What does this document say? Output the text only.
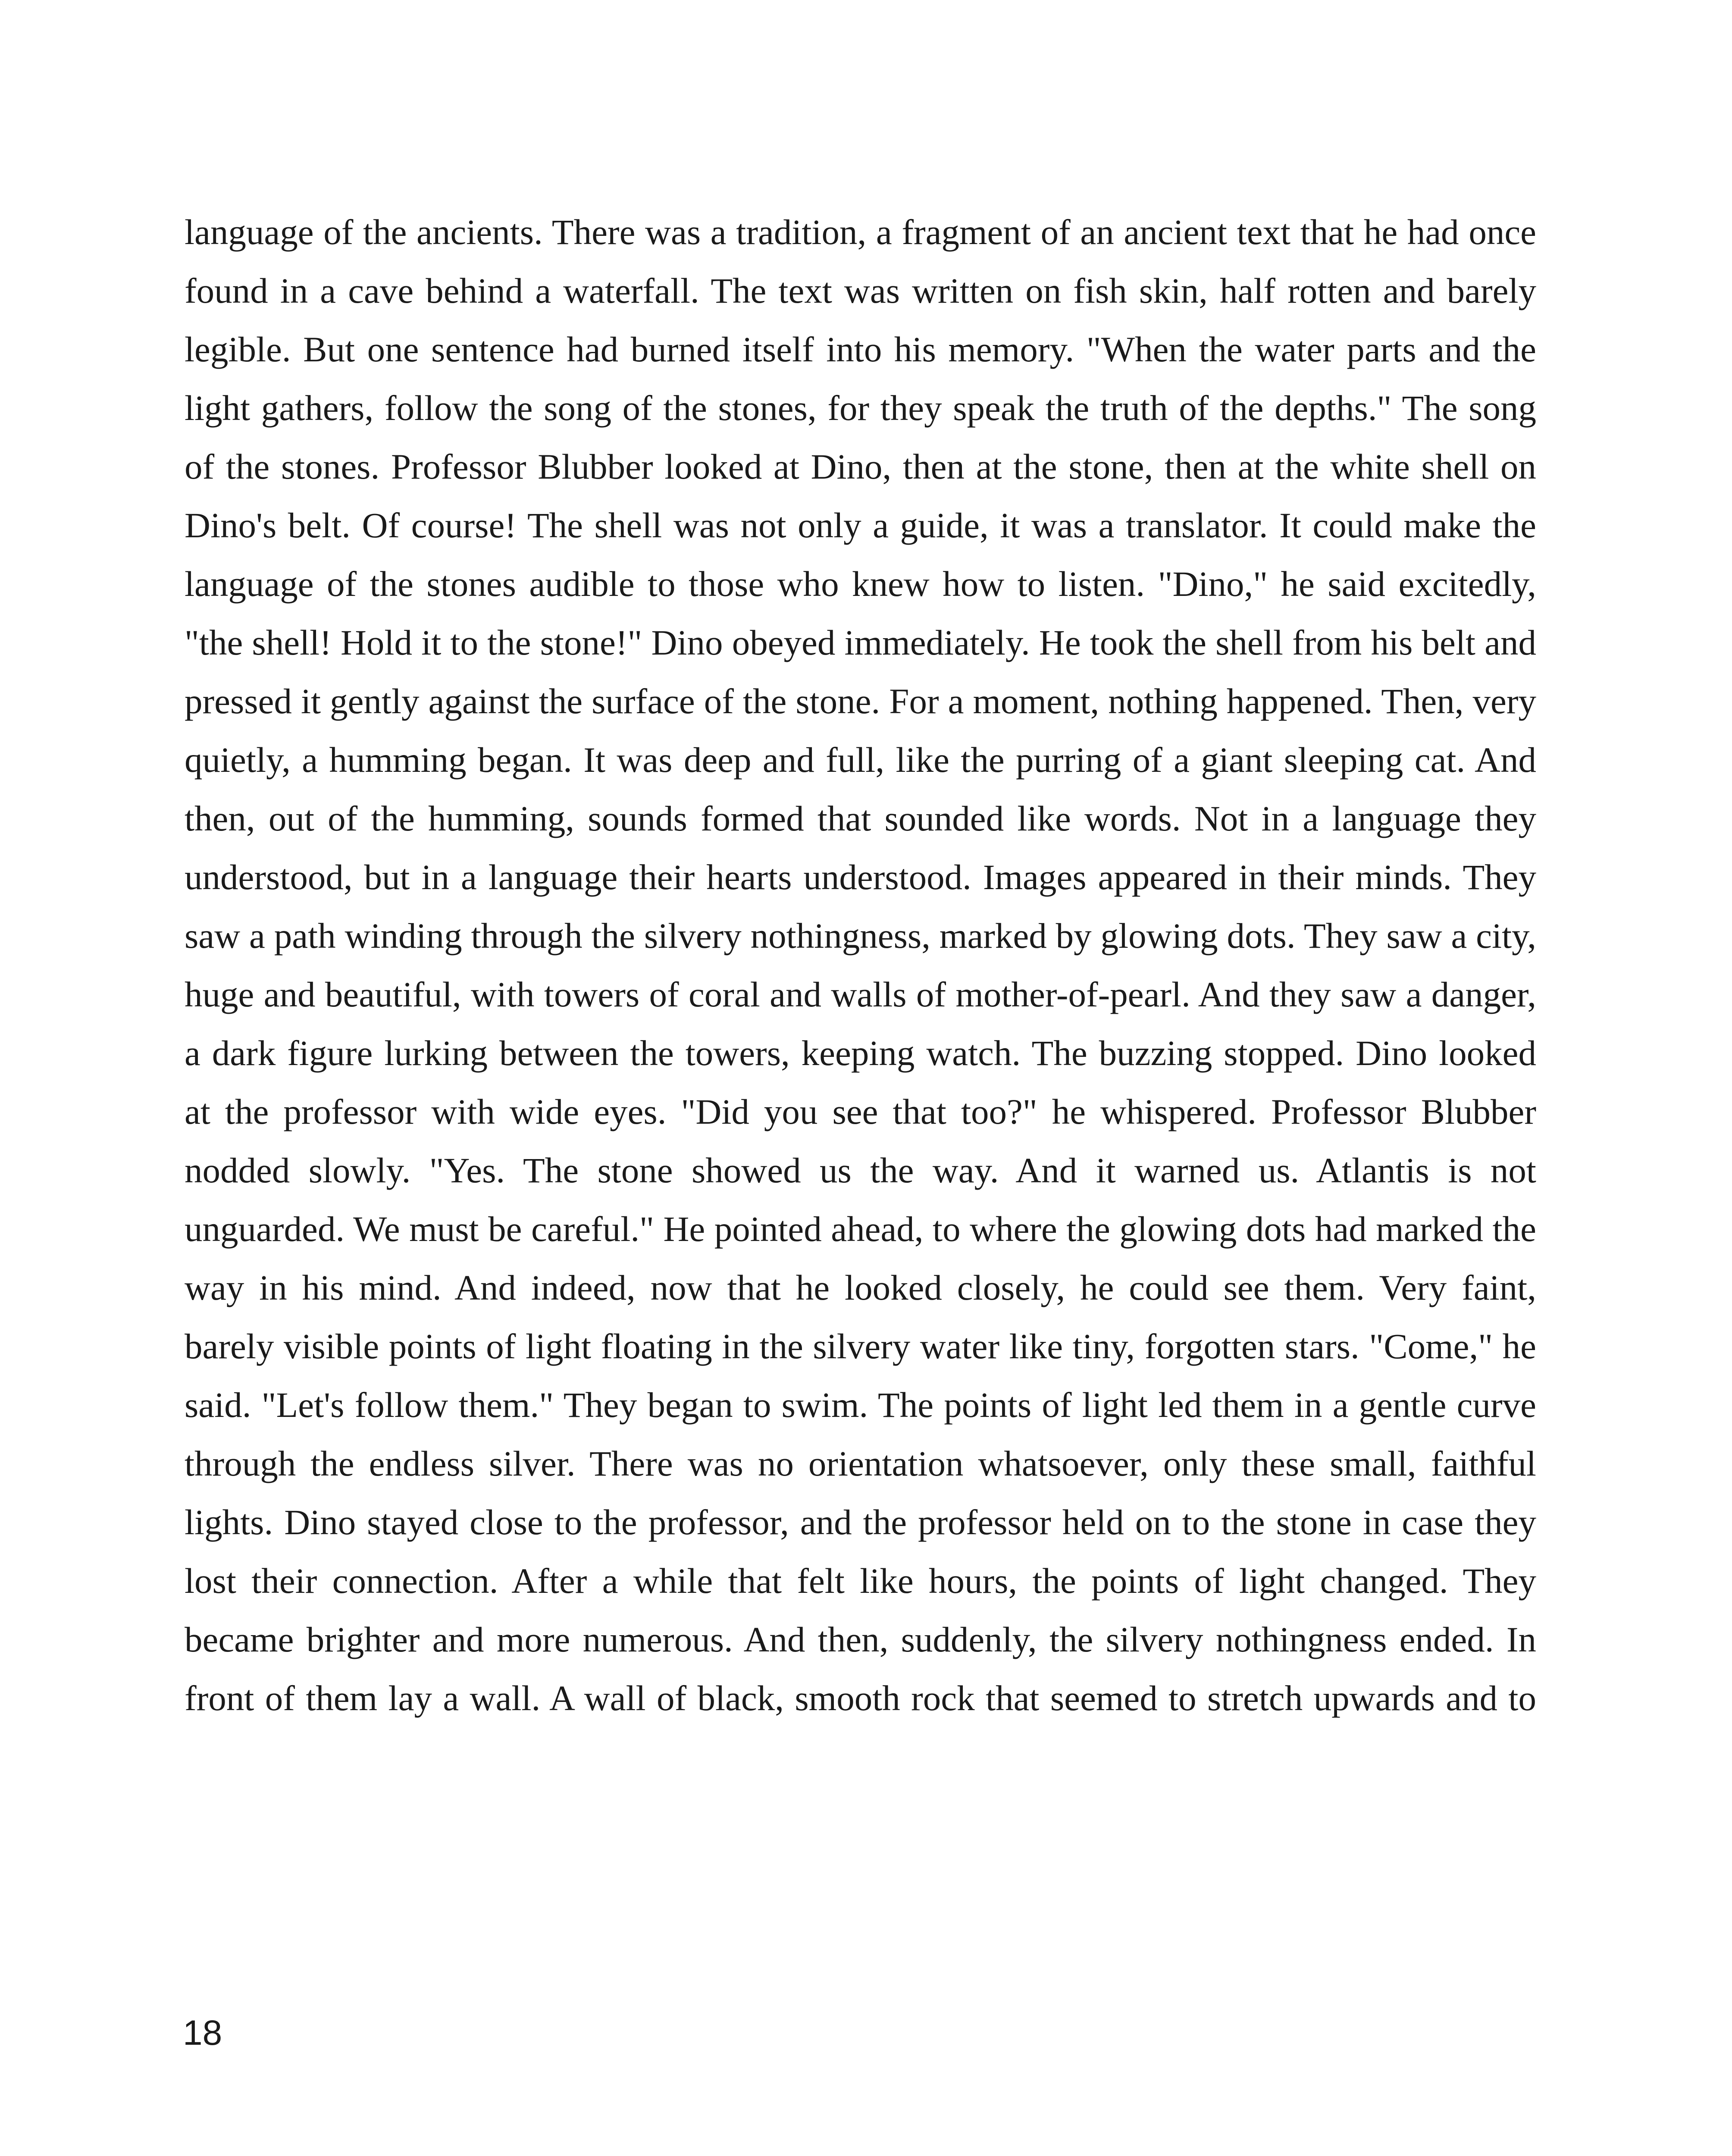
language of the ancients. There was a tradition, a fragment of an ancient text that he had once found in a cave behind a waterfall. The text was written on fish skin, half rotten and barely legible. But one sentence had burned itself into his memory. "When the water parts and the light gathers, follow the song of the stones, for they speak the truth of the depths." The song of the stones. Professor Blubber looked at Dino, then at the stone, then at the white shell on Dino's belt. Of course! The shell was not only a guide, it was a translator. It could make the language of the stones audible to those who knew how to listen. "Dino," he said excitedly, "the shell! Hold it to the stone!" Dino obeyed immediately. He took the shell from his belt and pressed it gently against the surface of the stone. For a moment, nothing happened. Then, very quietly, a humming began. It was deep and full, like the purring of a giant sleeping cat. And then, out of the humming, sounds formed that sounded like words. Not in a language they understood, but in a language their hearts understood. Images appeared in their minds. They saw a path winding through the silvery nothingness, marked by glowing dots. They saw a city, huge and beautiful, with towers of coral and walls of mother-of-pearl. And they saw a danger, a dark figure lurking between the towers, keeping watch. The buzzing stopped. Dino looked at the professor with wide eyes. "Did you see that too?" he whispered. Professor Blubber nodded slowly. "Yes. The stone showed us the way. And it warned us. Atlantis is not unguarded. We must be careful." He pointed ahead, to where the glowing dots had marked the way in his mind. And indeed, now that he looked closely, he could see them. Very faint, barely visible points of light floating in the silvery water like tiny, forgotten stars. "Come," he said. "Let's follow them." They began to swim. The points of light led them in a gentle curve through the endless silver. There was no orientation whatsoever, only these small, faithful lights. Dino stayed close to the professor, and the professor held on to the stone in case they lost their connection. After a while that felt like hours, the points of light changed. They became brighter and more numerous. And then, suddenly, the silvery nothingness ended. In front of them lay a wall. A wall of black, smooth rock that seemed to stretch upwards and to

18
